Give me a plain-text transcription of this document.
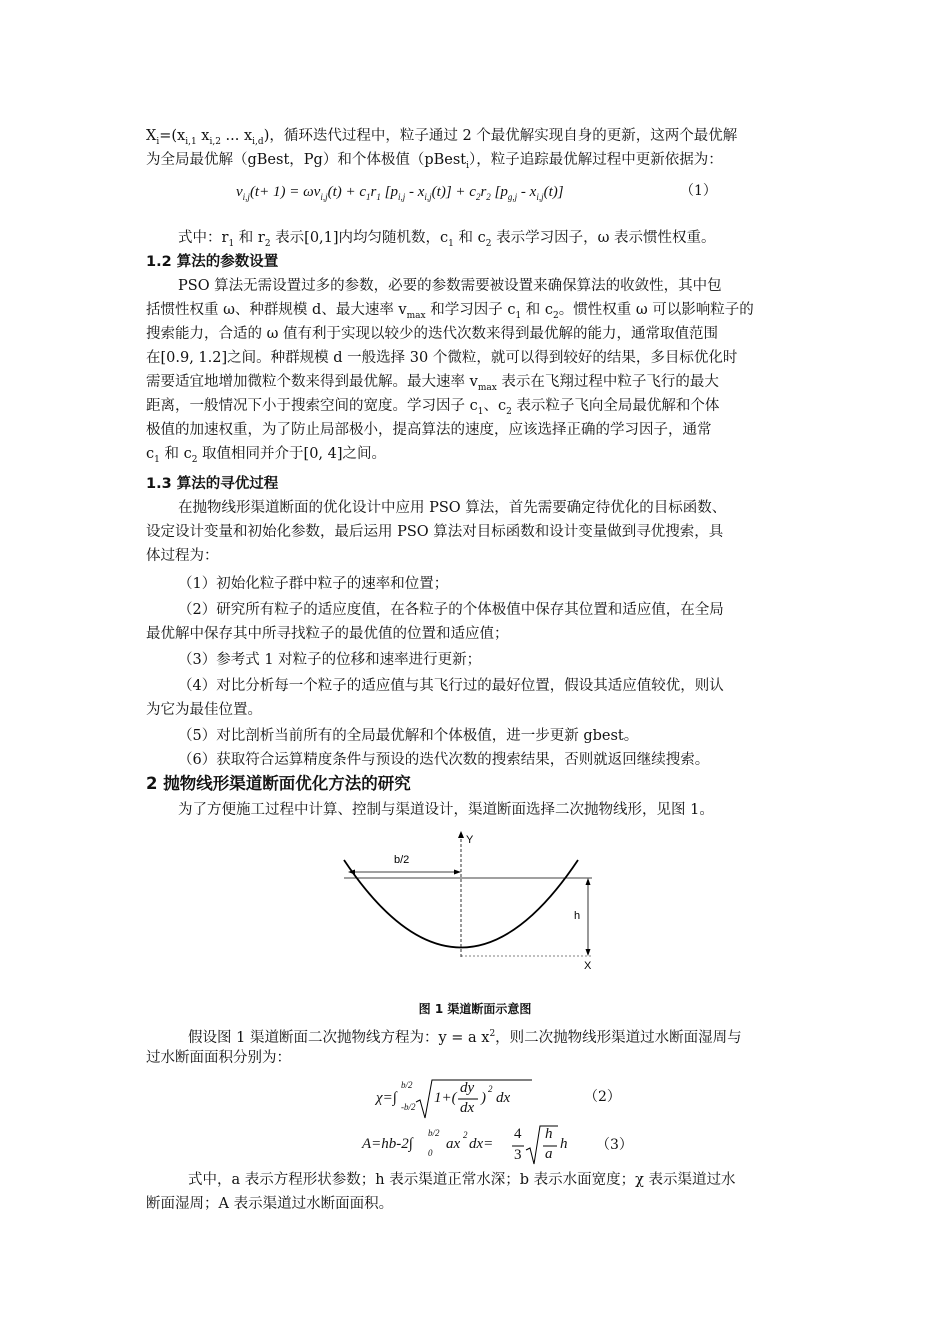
$X_i=(x_{i,1}$ $x_{i,2}$ ... $x_{i,d}$)，循环迭代过程中，粒子通过 2 个最优解实现自身的更新，这两个最优解
为全局最优解（gBest，Pg）和个体极值（pBest$_i$），粒子追踪最优解过程中更新依据为：
$v_{i,j}(t+ 1) = \omega v_{i,j}(t) + c_1r_1$ $[p_{i,j} - x_{i,j}(t)] + c_2r_2$ $[p_{g,j} - x_{i,j}(t)]$	（1）
式中：$r_1$ 和 $r_2$ 表示[0,1]内均匀随机数，$c_1$ 和 $c_2$ 表示学习因子，ω 表示惯性权重。
1.2 算法的参数设置
PSO 算法无需设置过多的参数，必要的参数需要被设置来确保算法的收敛性，其中包
括惯性权重 ω、种群规模 d、最大速率 $v_{max}$ 和学习因子 $c_1$ 和 $c_2$。惯性权重 ω 可以影响粒子的
搜索能力，合适的 ω 值有利于实现以较少的迭代次数来得到最优解的能力，通常取值范围
在[0.9, 1.2]之间。种群规模 d 一般选择 30 个微粒，就可以得到较好的结果，多目标优化时
需要适宜地增加微粒个数来得到最优解。最大速率 $v_{max}$ 表示在飞翔过程中粒子飞行的最大
距离，一般情况下小于搜索空间的宽度。学习因子 $c_1$、$c_2$ 表示粒子飞向全局最优解和个体
极值的加速权重，为了防止局部极小，提高算法的速度，应该选择正确的学习因子，通常
$c_1$ 和 $c_2$ 取值相同并介于[0, 4]之间。
1.3 算法的寻优过程
在抛物线形渠道断面的优化设计中应用 PSO 算法，首先需要确定待优化的目标函数、
设定设计变量和初始化参数，最后运用 PSO 算法对目标函数和设计变量做到寻优搜索，具
体过程为：
（1）初始化粒子群中粒子的速率和位置；
（2）研究所有粒子的适应度值，在各粒子的个体极值中保存其位置和适应值，在全局
最优解中保存其中所寻找粒子的最优值的位置和适应值；
（3）参考式 1 对粒子的位移和速率进行更新；
（4）对比分析每一个粒子的适应值与其飞行过的最好位置，假设其适应值较优，则认
为它为最佳位置。
（5）对比剖析当前所有的全局最优解和个体极值，进一步更新 gbest。
（6）获取符合运算精度条件与预设的迭代次数的搜索结果，否则就返回继续搜索。
2 抛物线形渠道断面优化方法的研究
为了方便施工过程中计算、控制与渠道设计，渠道断面选择二次抛物线形，见图 1。
Y
b/2
h
X
图 1 渠道断面示意图
假设图 1 渠道断面二次抛物线方程为：y = a $x^2$，则二次抛物线形渠道过水断面湿周与
过水断面面积分别为：
χ=∫
b/2
-b/2
1+(
dy
dx
)
2
dx	（2）
A=hb-2∫
b/2
0
ax
2
dx=
4
3
h
a
h （3）
式中，a 表示方程形状参数；h 表示渠道正常水深；b 表示水面宽度；χ 表示渠道过水
断面湿周；A 表示渠道过水断面面积。
